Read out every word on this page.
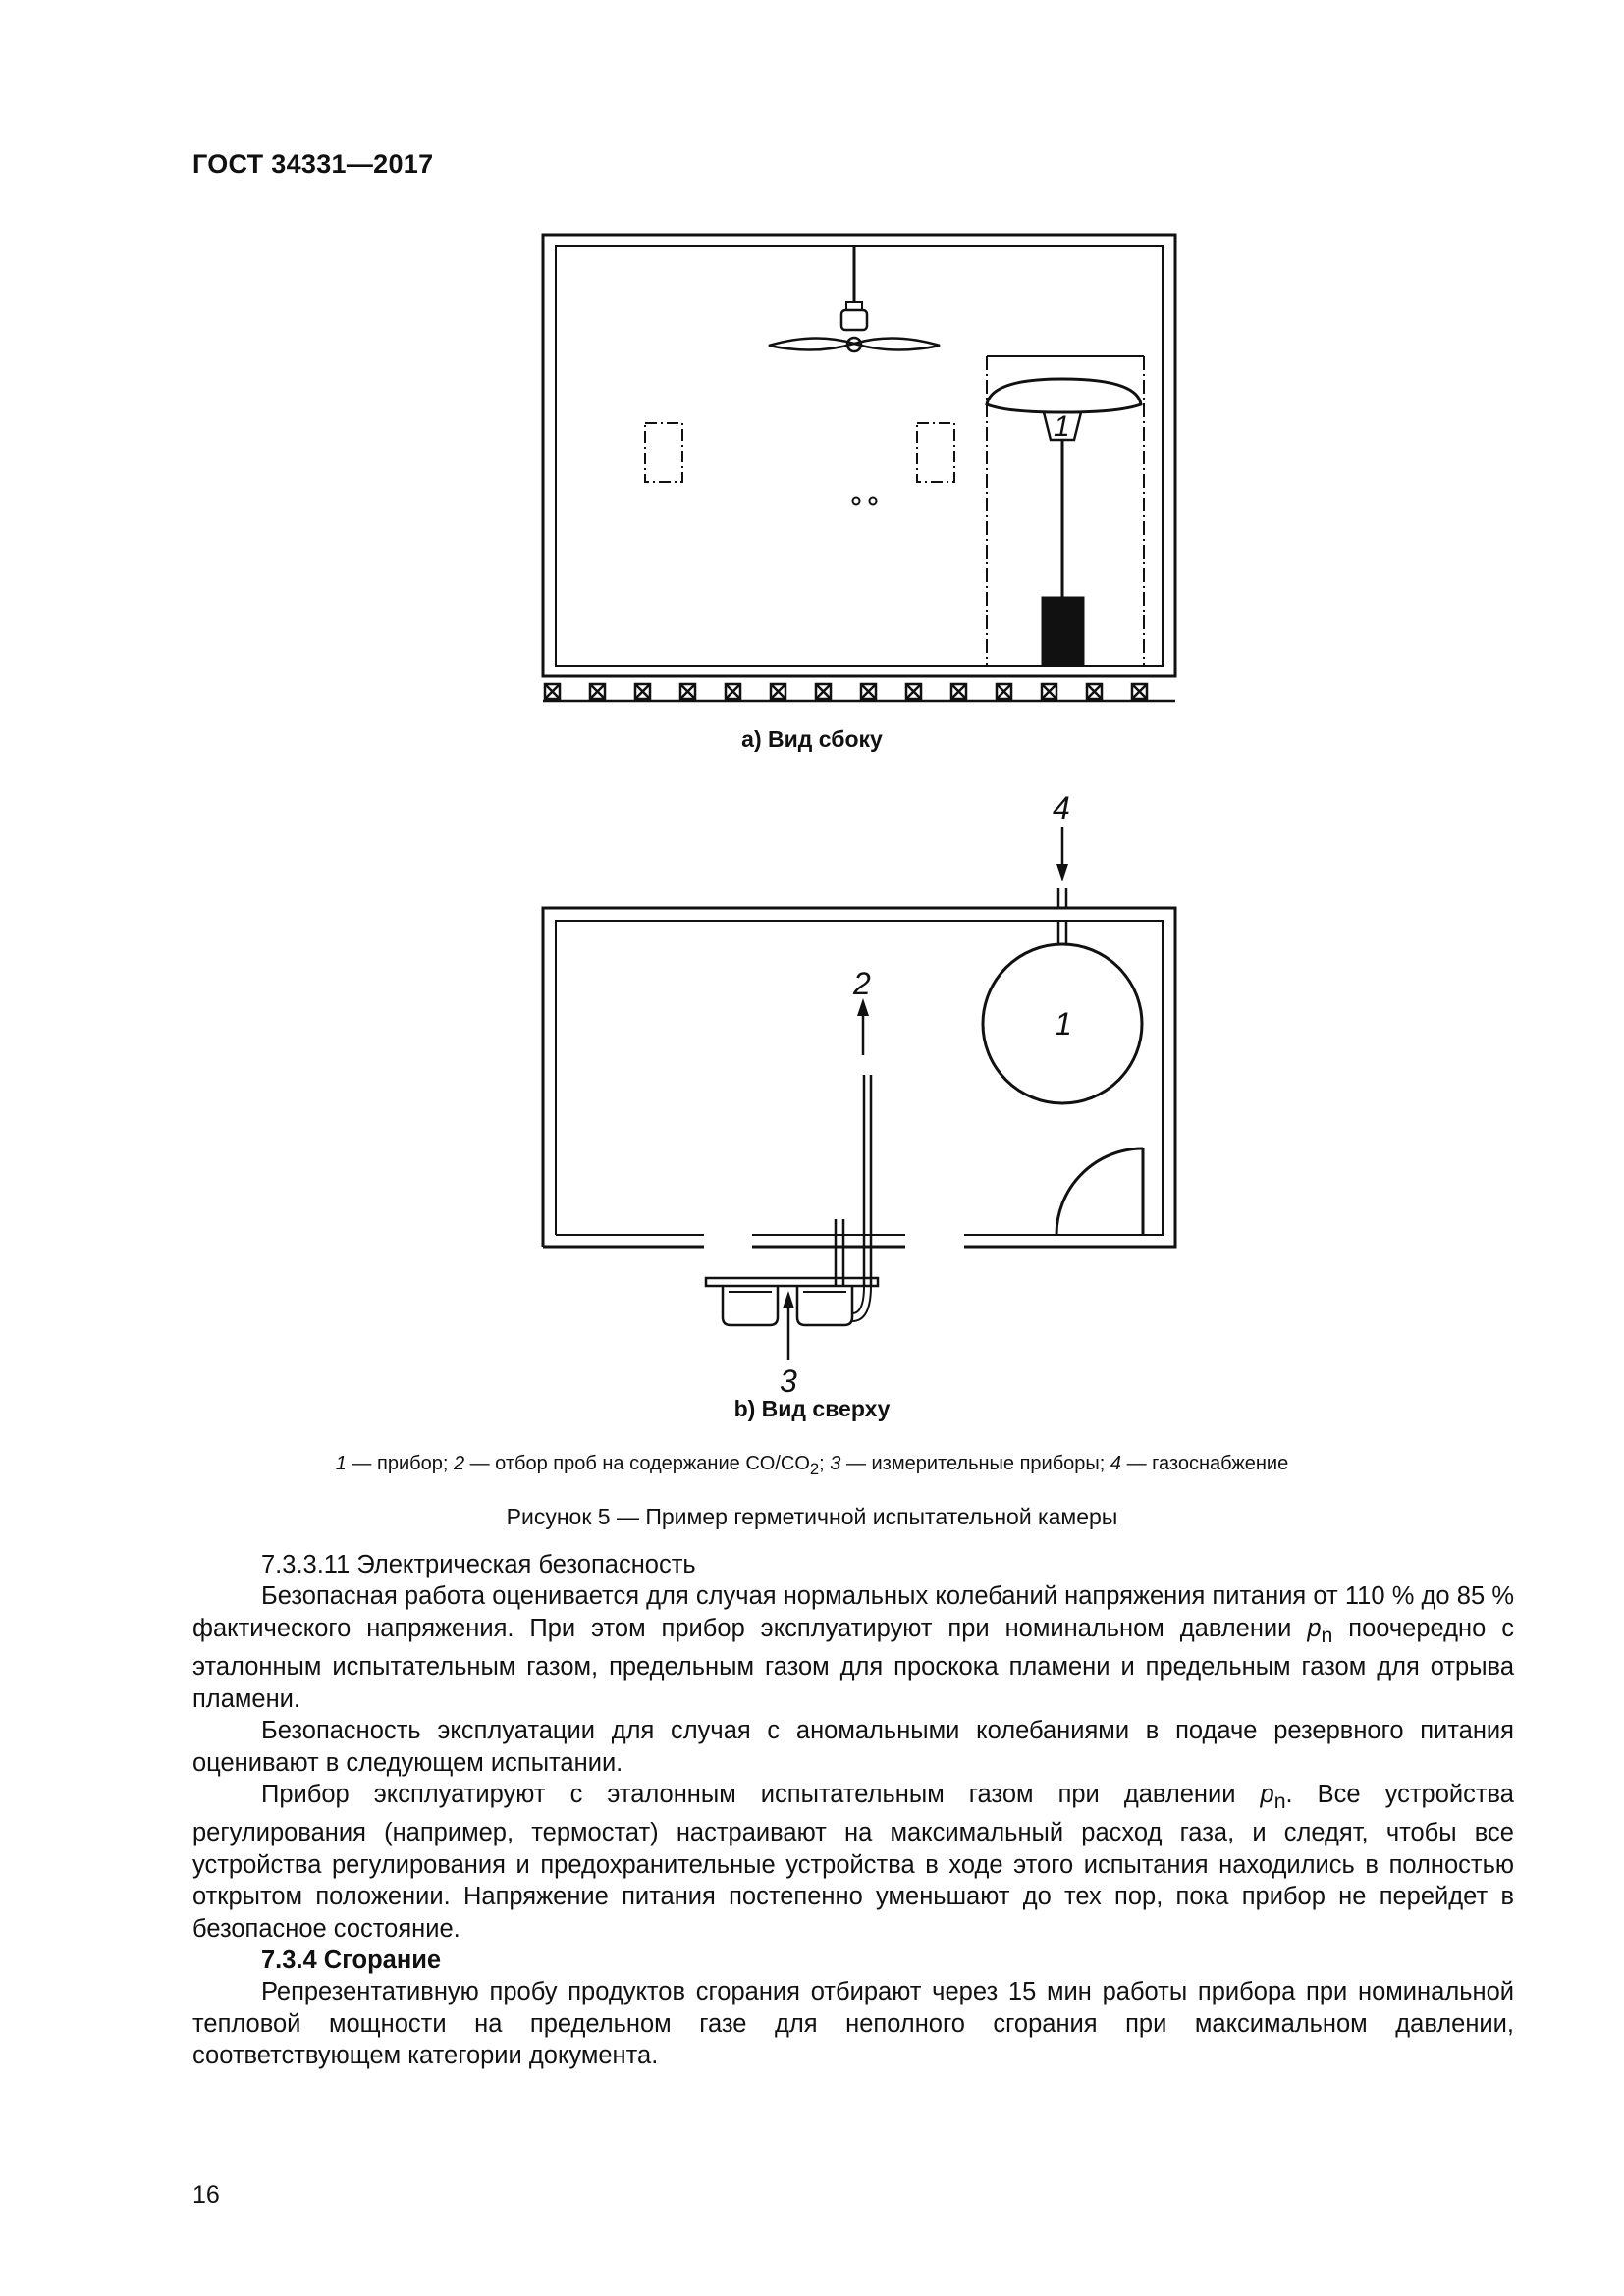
ГОСТ 34331—2017
1
1
2
3
4
а) Вид сбоку
b) Вид сверху
1 — прибор; 2 — отбор проб на содержание $CO/CO_2$; 3 — измерительные приборы; 4 — газоснабжение
Рисунок 5 — Пример герметичной испытательной камеры

7.3.3.11 Электрическая безопасность

Безопасная работа оценивается для случая нормальных колебаний напряжения питания от 110 % до 85 % фактического напряжения. При этом прибор эксплуатируют при номинальном давлении $p_n$ поочередно с эталонным испытательным газом, предельным газом для проскока пламени и предельным газом для отрыва пламени.

Безопасность эксплуатации для случая с аномальными колебаниями в подаче резервного питания оценивают в следующем испытании.

Прибор эксплуатируют с эталонным испытательным газом при давлении $p_n$. Все устройства регулирования (например, термостат) настраивают на максимальный расход газа, и следят, чтобы все устройства регулирования и предохранительные устройства в ходе этого испытания находились в полностью открытом положении. Напряжение питания постепенно уменьшают до тех пор, пока прибор не перейдет в безопасное состояние.

7.3.4 Сгорание

Репрезентативную пробу продуктов сгорания отбирают через 15 мин работы прибора при номинальной тепловой мощности на предельном газе для неполного сгорания при максимальном давлении, соответствующем категории документа.

16
